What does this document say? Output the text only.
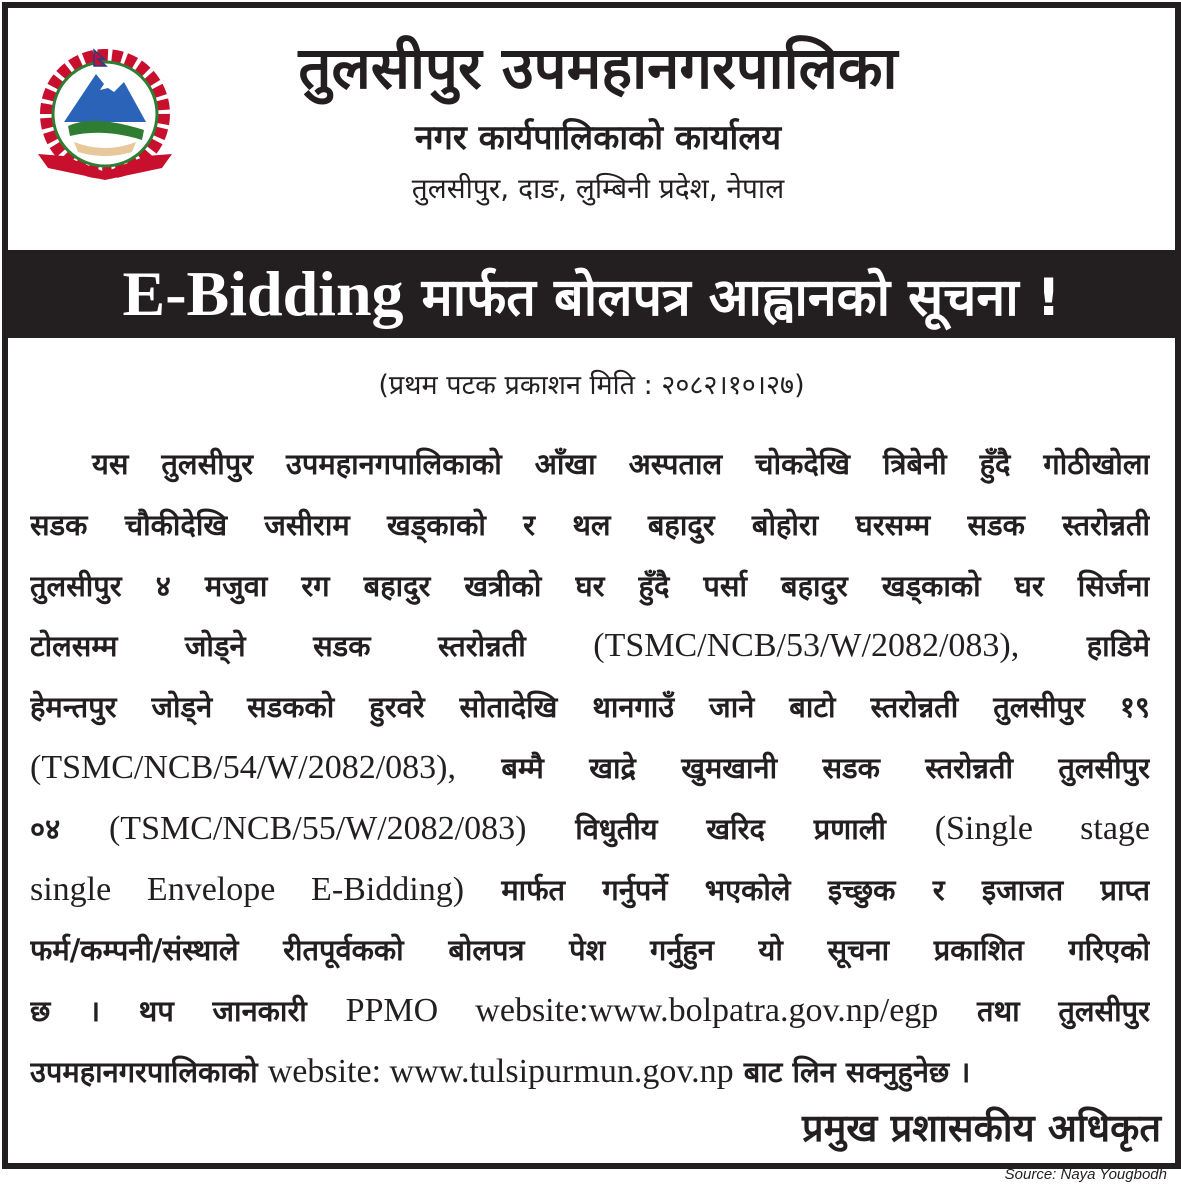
तुलसीपुर उपमहानगरपालिका
नगर कार्यपालिकाको कार्यालय
तुलसीपुर, दाङ, लुम्बिनी प्रदेश, नेपाल
E-Bidding मार्फत बोलपत्र आह्वानको सूचना !
(प्रथम पटक प्रकाशन मिति : २०८२।१०।२७)
यस तुलसीपुर उपमहानगपालिकाको आँखा अस्पताल चोकदेखि त्रिबेनी हुँदै गोठीखोला
सडक चौकीदेखि जसीराम खड्काको र थल बहादुर बोहोरा घरसम्म सडक स्तरोन्नती
तुलसीपुर ४ मजुवा रग बहादुर खत्रीको घर हुँदै पर्सा बहादुर खड्काको घर सिर्जना
टोलसम्म जोड्ने सडक स्तरोन्नती (TSMC/NCB/53/W/2082/083), हाडिमे
हेमन्तपुर जोड्ने सडकको हुरवरे सोतादेखि थानगाउँ जाने बाटो स्तरोन्नती तुलसीपुर १९
(TSMC/NCB/54/W/2082/083), बम्मै खाद्रे खुमखानी सडक स्तरोन्नती तुलसीपुर
०४ (TSMC/NCB/55/W/2082/083) विधुतीय खरिद प्रणाली (Single stage
single Envelope E-Bidding) मार्फत गर्नुपर्ने भएकोले इच्छुक र इजाजत प्राप्त
फर्म/कम्पनी/संस्थाले रीतपूर्वकको बोलपत्र पेश गर्नुहुन यो सूचना प्रकाशित गरिएको
छ । थप जानकारी PPMO website:www.bolpatra.gov.np/egp तथा तुलसीपुर
उपमहानगरपालिकाको website: www.tulsipurmun.gov.np बाट लिन सक्नुहुनेछ ।
प्रमुख प्रशासकीय अधिकृत
Source: Naya Yougbodh
